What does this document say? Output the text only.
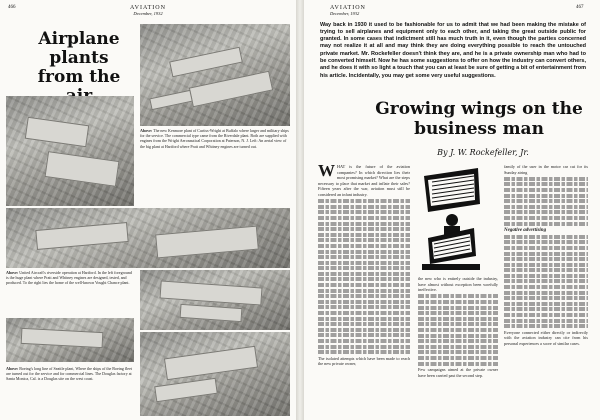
466	AVIATION
December, 1932
Airplane plants from the
Above: The new Kenmore plant of Curtiss-Wright at Buffalo where larger and military ships for the service. The commercial type came from the Riverdale plant. Both are supplied with engines from the Wright Aeronautical Corporation at Paterson, N. J. Left: An aerial view of the big plant at Hartford where Pratt and Whitney engines are turned out.
Above: United Aircraft's riverside operation at Hartford. In the left foreground is the huge plant where Pratt and Whitney engines are designed, tested, and produced. To the right lies the home of the well-known Vought Chance plant.
Above: Boeing's long line of Seattle plant, Where the ships of the Boeing fleet are turned out for the service and for commercial lines. The Douglas factory at Santa Monica, Cal. is a Douglas site on the west coast.
AVIATION
December, 1932
467

Way back in 1930 it used to be fashionable for us to admit that we had been making the mistake of trying to sell airplanes and equipment only to each other, and taking the great outside public for granted. In some cases that indictment still has much truth in it, even though the parties concerned may not realize it at all and may think they are doing everything possible to reach the untouched private market. Mr. Rockefeller doesn't think they are, and he is a private ownership man who had to be converted himself. Now he has some suggestions to offer on how the industry can convert others, and he does it with so light a touch that you can at least be sure of getting a bit of entertainment from his article. Incidentally, you may get some very useful suggestions.

Growing wings on the business man
By J. W. Rockefeller, Jr.
W HAT is the future of the aviation companies? In which direction lies their most promising market? What are the steps necessary to place that market and inflate their sales? Fifteen years after the war, aviation must still be considered an infant industry.
The isolated attempts which have been made to reach the new private owner,
the new who is entirely outside the industry, have almost without exception been woefully ineffective.
Few campaigns aimed at the private owner have been carried past the second step.
family of the user in the motor car cut for its Sunday airing
Negative advertising
Everyone connected either directly or indirectly with the aviation industry can cite from his personal experiences a score of similar cases.
